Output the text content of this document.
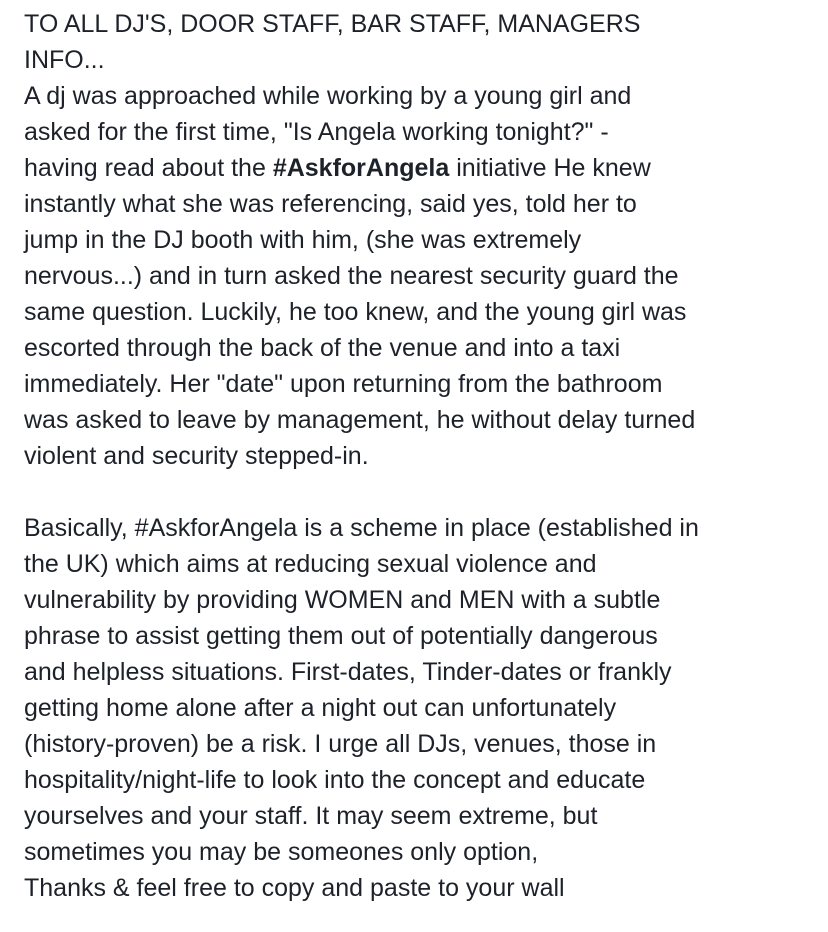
TO ALL DJ'S, DOOR STAFF, BAR STAFF, MANAGERS
INFO...
A dj was approached while working by a young girl and
asked for the first time, "Is Angela working tonight?" -
having read about the #AskforAngela initiative He knew
instantly what she was referencing, said yes, told her to
jump in the DJ booth with him, (she was extremely
nervous...) and in turn asked the nearest security guard the
same question. Luckily, he too knew, and the young girl was
escorted through the back of the venue and into a taxi
immediately. Her "date" upon returning from the bathroom
was asked to leave by management, he without delay turned
violent and security stepped-in.

Basically, #AskforAngela is a scheme in place (established in
the UK) which aims at reducing sexual violence and
vulnerability by providing WOMEN and MEN with a subtle
phrase to assist getting them out of potentially dangerous
and helpless situations. First-dates, Tinder-dates or frankly
getting home alone after a night out can unfortunately
(history-proven) be a risk. I urge all DJs, venues, those in
hospitality/night-life to look into the concept and educate
yourselves and your staff. It may seem extreme, but
sometimes you may be someones only option,
Thanks & feel free to copy and paste to your wall
